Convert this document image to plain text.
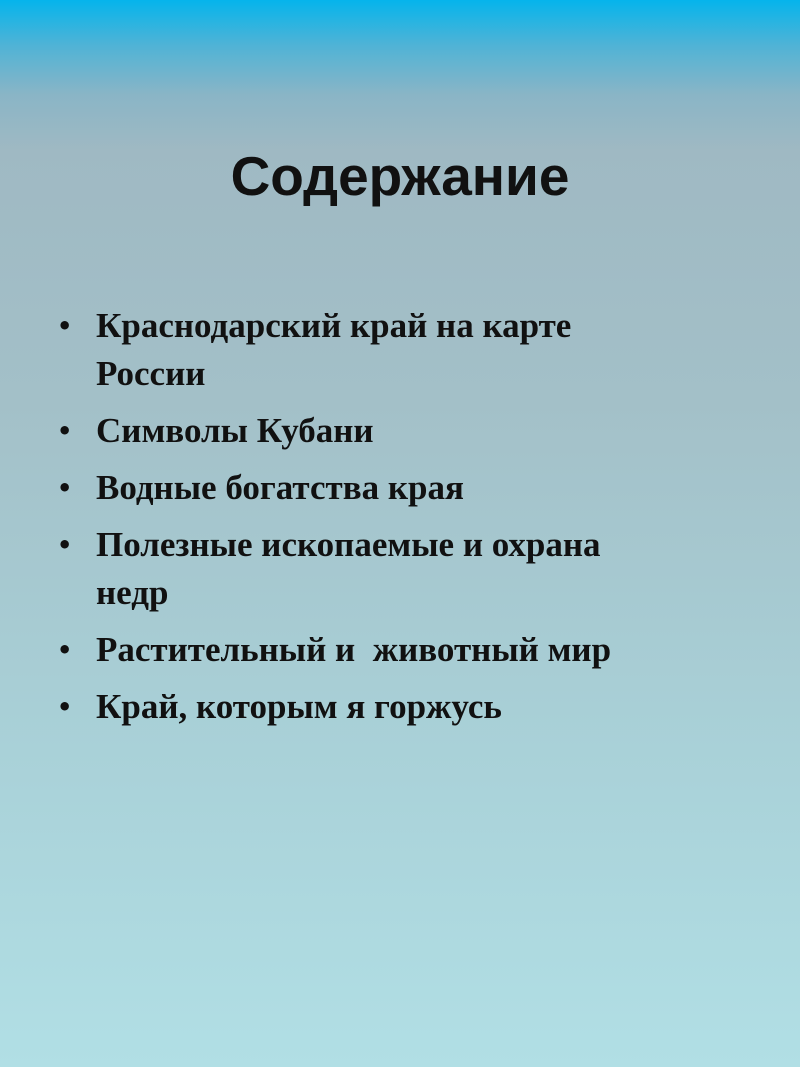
Содержание
• Краснодарский край на карте
России
• Символы Кубани
• Водные богатства края
• Полезные ископаемые и охрана
недр
• Растительный и  животный мир
• Край, которым я горжусь
